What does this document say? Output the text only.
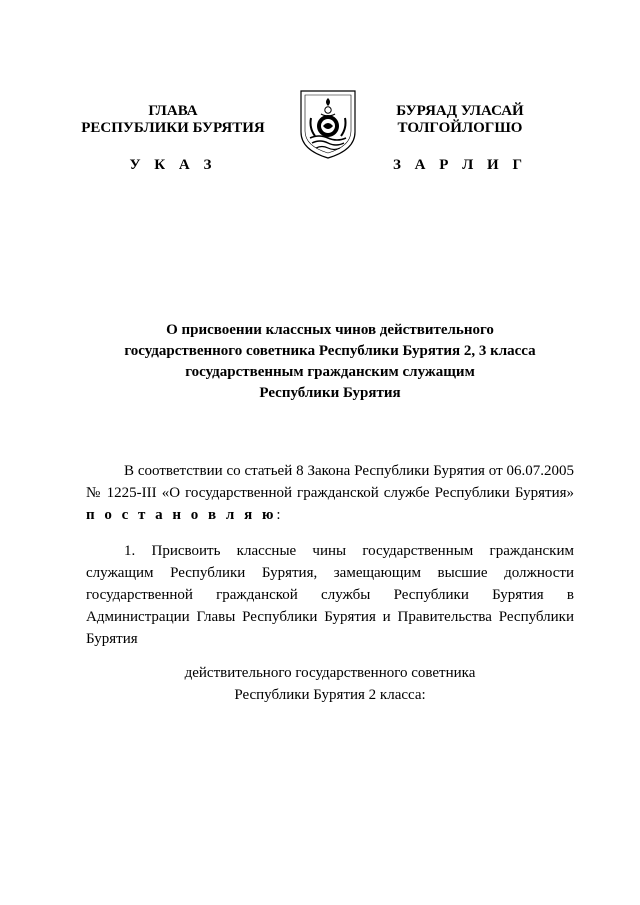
ГЛАВА
РЕСПУБЛИКИ БУРЯТИЯ
У К А З
БУРЯАД УЛАСАЙ
ТОЛГОЙЛОГШО
З А Р Л И Г
О присвоении классных чинов действительного
государственного советника Республики Бурятия 2, 3 класса
государственным гражданским служащим
Республики Бурятия
В соответствии со статьей 8 Закона Республики Бурятия от 06.07.2005 № 1225-III «О государственной гражданской службе Республики Бурятия» п о с т а н о в л я ю:
1. Присвоить классные чины государственным гражданским служащим Республики Бурятия, замещающим высшие должности государственной гражданской службы Республики Бурятия в Администрации Главы Республики Бурятия и Правительства Республики Бурятия
действительного государственного советника
Республики Бурятия 2 класса:
